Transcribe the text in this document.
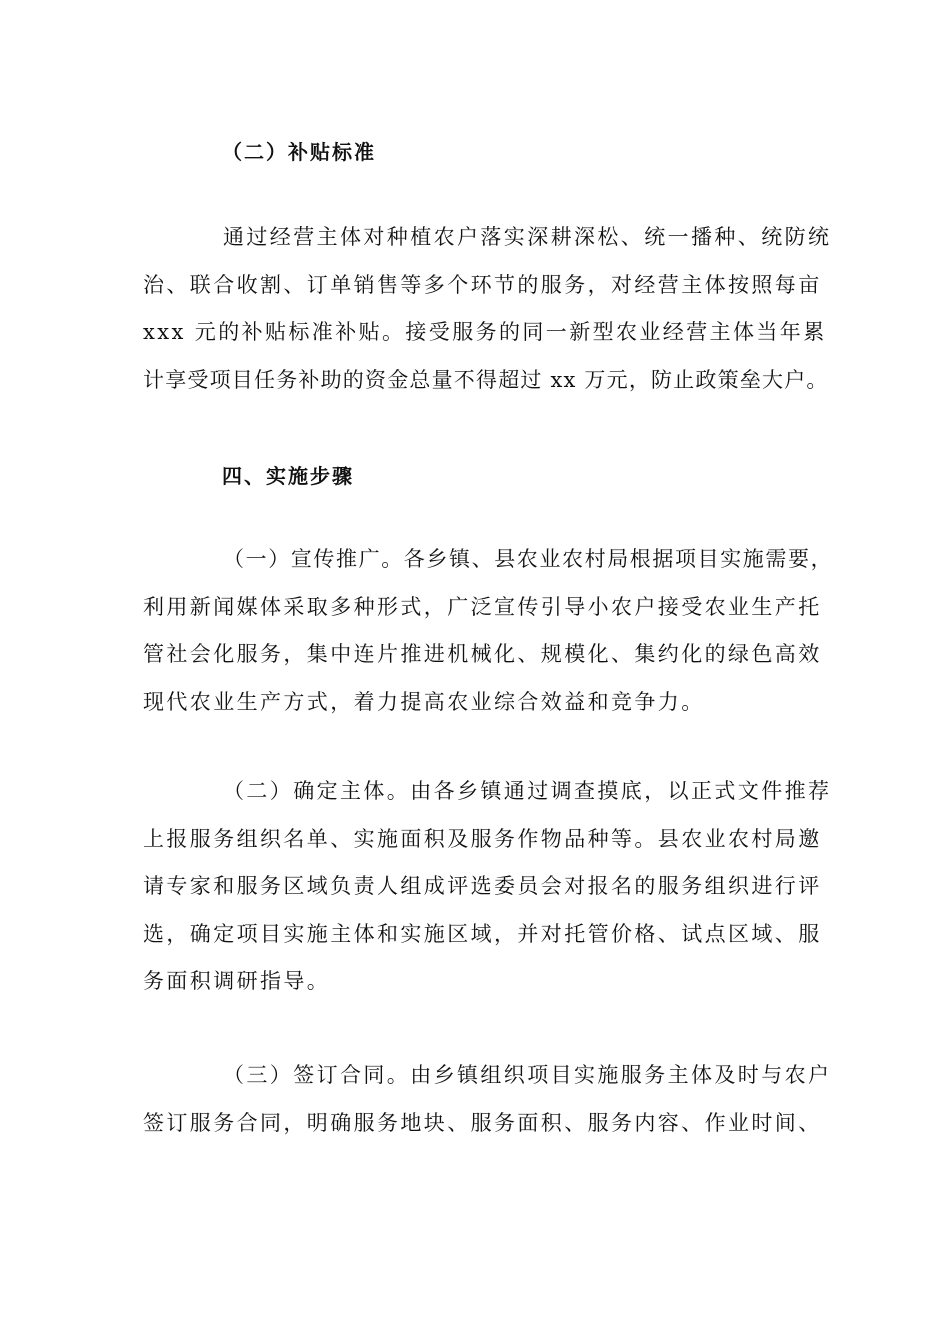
（二）补贴标准
通过经营主体对种植农户落实深耕深松、统一播种、统防统
治、联合收割、订单销售等多个环节的服务，对经营主体按照每亩
xxx 元的补贴标准补贴。接受服务的同一新型农业经营主体当年累
计享受项目任务补助的资金总量不得超过 xx 万元，防止政策垒大户。
四、实施步骤
（一）宣传推广。各乡镇、县农业农村局根据项目实施需要，
利用新闻媒体采取多种形式，广泛宣传引导小农户接受农业生产托
管社会化服务，集中连片推进机械化、规模化、集约化的绿色高效
现代农业生产方式，着力提高农业综合效益和竞争力。
（二）确定主体。由各乡镇通过调查摸底，以正式文件推荐
上报服务组织名单、实施面积及服务作物品种等。县农业农村局邀
请专家和服务区域负责人组成评选委员会对报名的服务组织进行评
选，确定项目实施主体和实施区域，并对托管价格、试点区域、服
务面积调研指导。
（三）签订合同。由乡镇组织项目实施服务主体及时与农户
签订服务合同，明确服务地块、服务面积、服务内容、作业时间、
